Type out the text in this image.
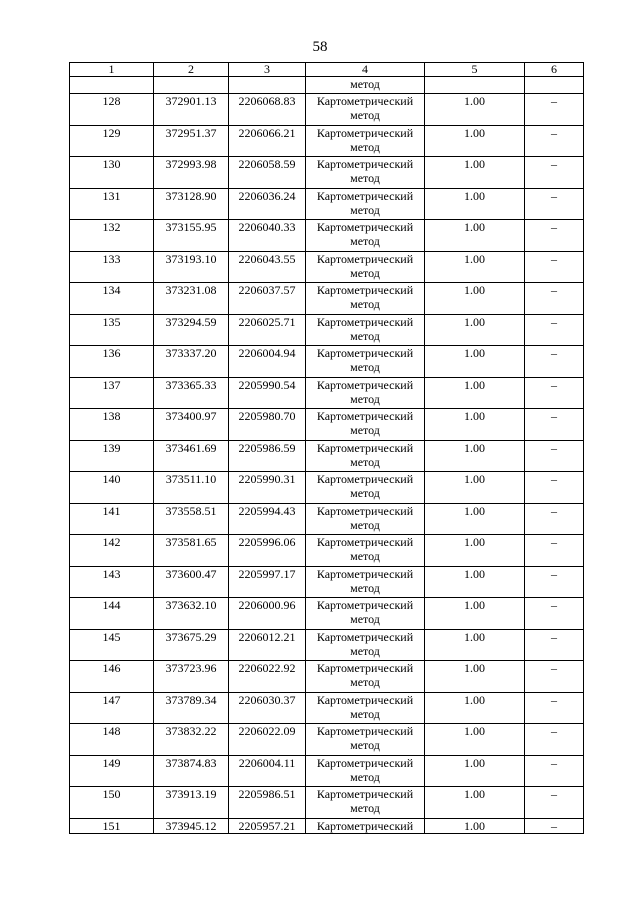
58
1	2	3	4	5	6
			метод		
128	372901.13	2206068.83	Картометрический метод	1.00	–
129	372951.37	2206066.21	Картометрический метод	1.00	–
130	372993.98	2206058.59	Картометрический метод	1.00	–
131	373128.90	2206036.24	Картометрический метод	1.00	–
132	373155.95	2206040.33	Картометрический метод	1.00	–
133	373193.10	2206043.55	Картометрический метод	1.00	–
134	373231.08	2206037.57	Картометрический метод	1.00	–
135	373294.59	2206025.71	Картометрический метод	1.00	–
136	373337.20	2206004.94	Картометрический метод	1.00	–
137	373365.33	2205990.54	Картометрический метод	1.00	–
138	373400.97	2205980.70	Картометрический метод	1.00	–
139	373461.69	2205986.59	Картометрический метод	1.00	–
140	373511.10	2205990.31	Картометрический метод	1.00	–
141	373558.51	2205994.43	Картометрический метод	1.00	–
142	373581.65	2205996.06	Картометрический метод	1.00	–
143	373600.47	2205997.17	Картометрический метод	1.00	–
144	373632.10	2206000.96	Картометрический метод	1.00	–
145	373675.29	2206012.21	Картометрический метод	1.00	–
146	373723.96	2206022.92	Картометрический метод	1.00	–
147	373789.34	2206030.37	Картометрический метод	1.00	–
148	373832.22	2206022.09	Картометрический метод	1.00	–
149	373874.83	2206004.11	Картометрический метод	1.00	–
150	373913.19	2205986.51	Картометрический метод	1.00	–
151	373945.12	2205957.21	Картометрический	1.00	–
